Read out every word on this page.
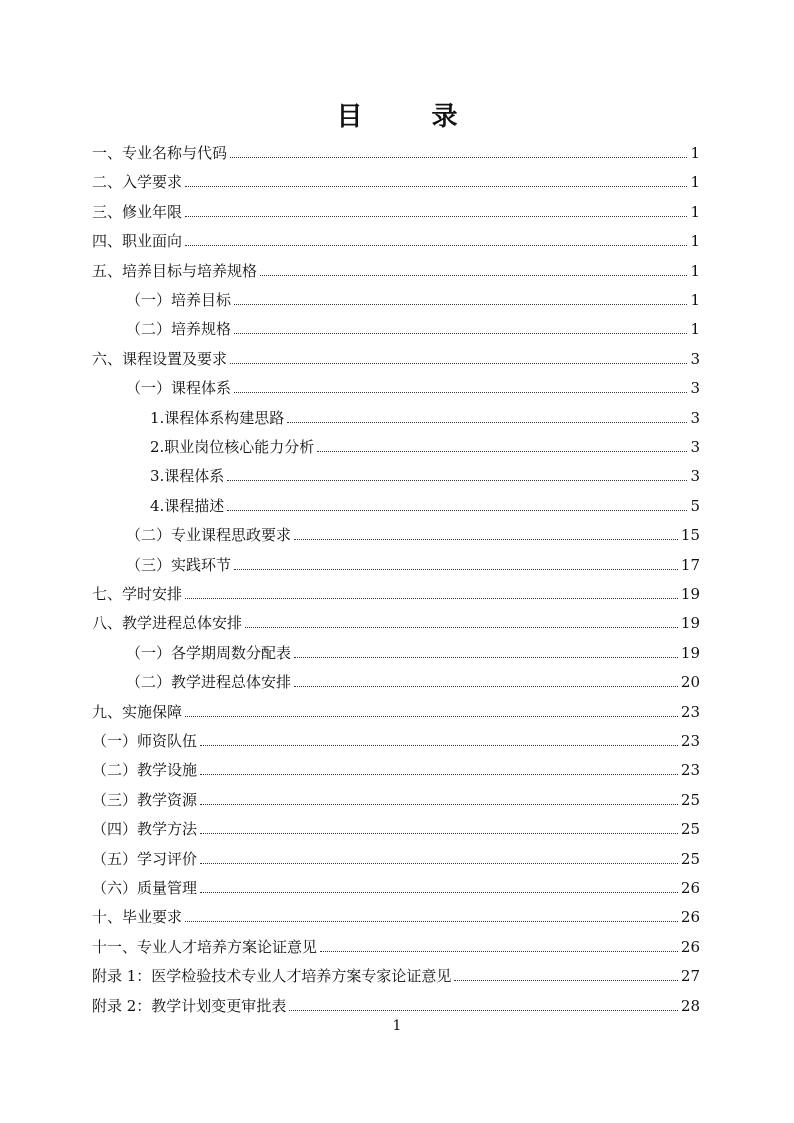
目 录
一、专业名称与代码	1
二、入学要求	1
三、修业年限	1
四、职业面向	1
五、培养目标与培养规格	1
（一）培养目标	1
（二）培养规格	1
六、课程设置及要求	3
（一）课程体系	3
1.课程体系构建思路	3
2.职业岗位核心能力分析	3
3.课程体系	3
4.课程描述	5
（二）专业课程思政要求	15
（三）实践环节	17
七、学时安排	19
八、教学进程总体安排	19
（一）各学期周数分配表	19
（二）教学进程总体安排	20
九、实施保障	23
（一）师资队伍	23
（二）教学设施	23
（三）教学资源	25
（四）教学方法	25
（五）学习评价	25
（六）质量管理	26
十、毕业要求	26
十一、专业人才培养方案论证意见	26
附录 1：医学检验技术专业人才培养方案专家论证意见	27
附录 2：教学计划变更审批表	28
1
